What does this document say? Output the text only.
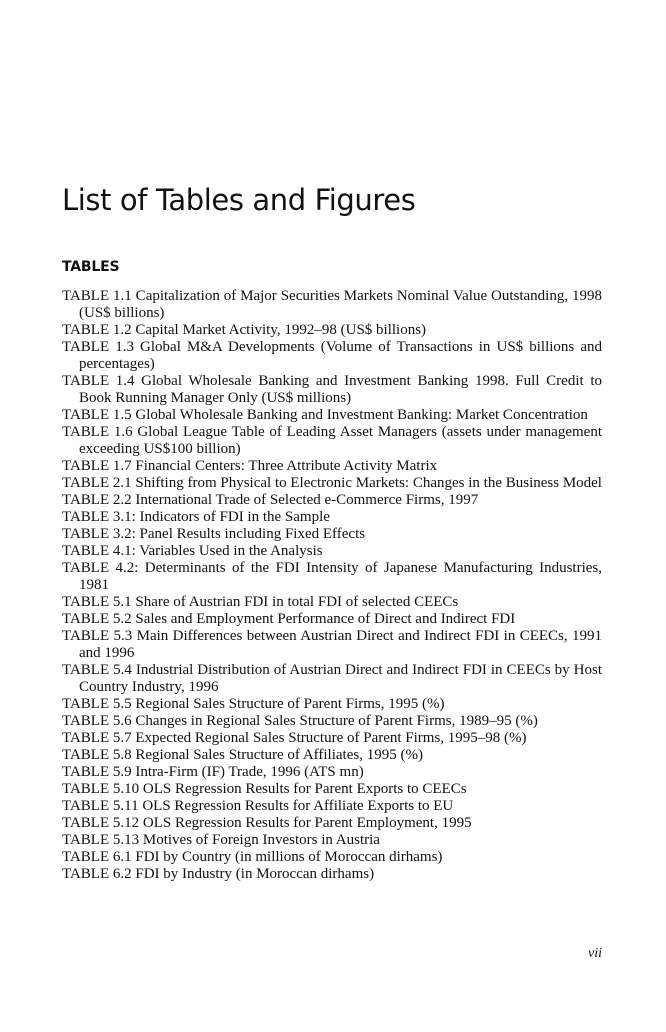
List of Tables and Figures
TABLES
TABLE 1.1 Capitalization of Major Securities Markets Nominal Value Outstanding, 1998 (US$ billions)
TABLE 1.2 Capital Market Activity, 1992–98 (US$ billions)
TABLE 1.3 Global M&A Developments (Volume of Transactions in US$ billions and percentages)
TABLE 1.4 Global Wholesale Banking and Investment Banking 1998. Full Credit to Book Running Manager Only (US$ millions)
TABLE 1.5 Global Wholesale Banking and Investment Banking: Market Concentration
TABLE 1.6 Global League Table of Leading Asset Managers (assets under management exceeding US$100 billion)
TABLE 1.7 Financial Centers: Three Attribute Activity Matrix
TABLE 2.1 Shifting from Physical to Electronic Markets: Changes in the Business Model
TABLE 2.2 International Trade of Selected e-Commerce Firms, 1997
TABLE 3.1: Indicators of FDI in the Sample
TABLE 3.2: Panel Results including Fixed Effects
TABLE 4.1: Variables Used in the Analysis
TABLE 4.2: Determinants of the FDI Intensity of Japanese Manufacturing Industries, 1981
TABLE 5.1 Share of Austrian FDI in total FDI of selected CEECs
TABLE 5.2 Sales and Employment Performance of Direct and Indirect FDI
TABLE 5.3 Main Differences between Austrian Direct and Indirect FDI in CEECs, 1991 and 1996
TABLE 5.4 Industrial Distribution of Austrian Direct and Indirect FDI in CEECs by Host Country Industry, 1996
TABLE 5.5 Regional Sales Structure of Parent Firms, 1995 (%)
TABLE 5.6 Changes in Regional Sales Structure of Parent Firms, 1989–95 (%)
TABLE 5.7 Expected Regional Sales Structure of Parent Firms, 1995–98 (%)
TABLE 5.8 Regional Sales Structure of Affiliates, 1995 (%)
TABLE 5.9 Intra-Firm (IF) Trade, 1996 (ATS mn)
TABLE 5.10 OLS Regression Results for Parent Exports to CEECs
TABLE 5.11 OLS Regression Results for Affiliate Exports to EU
TABLE 5.12 OLS Regression Results for Parent Employment, 1995
TABLE 5.13 Motives of Foreign Investors in Austria
TABLE 6.1 FDI by Country (in millions of Moroccan dirhams)
TABLE 6.2 FDI by Industry (in Moroccan dirhams)
vii
